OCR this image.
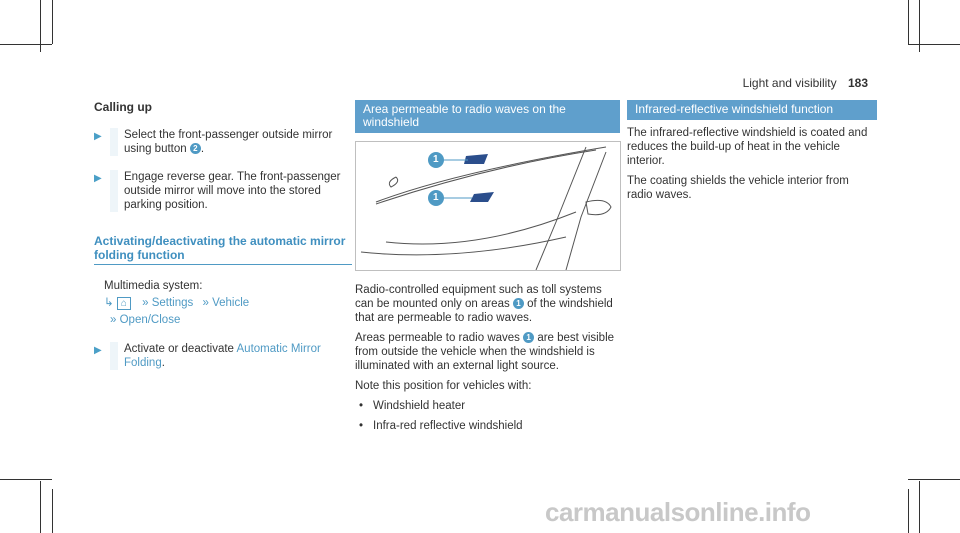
Light and visibility 183
Calling up
▶	Select the front-passenger outside mirror using button 2 .
▶	Engage reverse gear. The front-passenger outside mirror will move into the stored parking position.
Activating/deactivating the automatic mirror folding function
Multimedia system:
↳ ⌂ » Settings » Vehicle
» Open/Close
▶	Activate or deactivate Automatic Mirror Folding.
Area permeable to radio waves on the windshield
1
1
Radio-controlled equipment such as toll systems can be mounted only on areas 1 of the windshield that are permeable to radio waves.
Areas permeable to radio waves 1 are best visible from outside the vehicle when the windshield is illuminated with an external light source.
Note this position for vehicles with:
• Windshield heater
• Infra-red reflective windshield
Infrared-reflective windshield function
The infrared-reflective windshield is coated and reduces the build-up of heat in the vehicle interior.
The coating shields the vehicle interior from radio waves.
carmanualsonline.info
